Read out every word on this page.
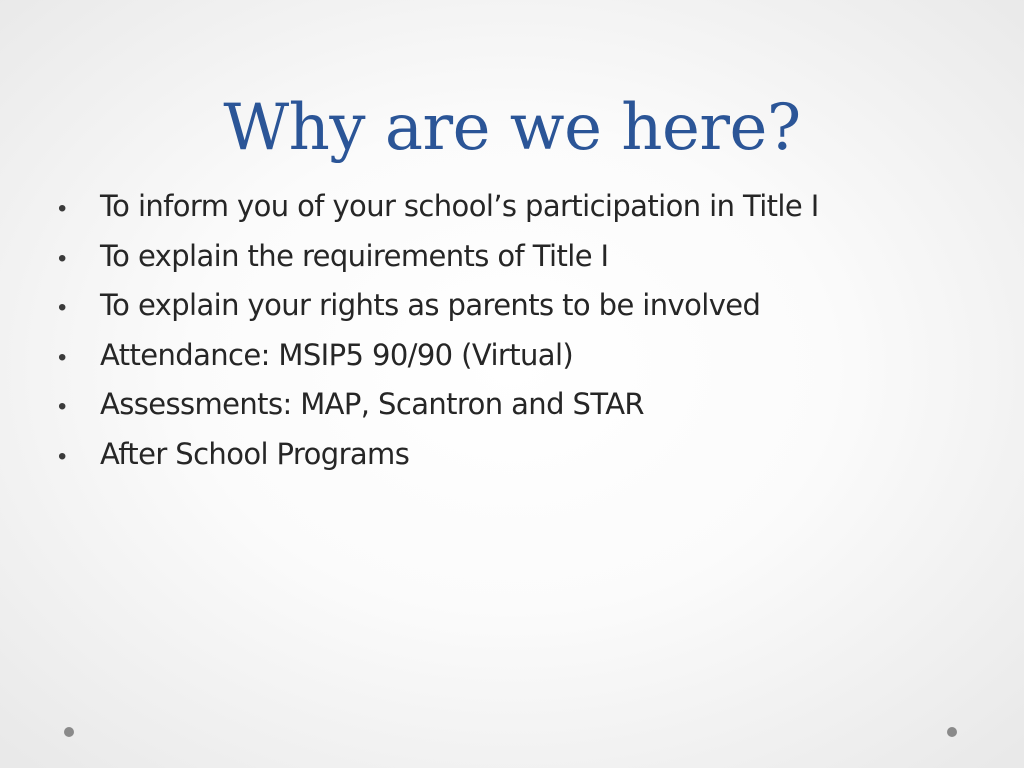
Why are we here?
•	To inform you of your school’s participation in Title I
•	To explain the requirements of Title I
•	To explain your rights as parents to be involved
•	Attendance: MSIP5 90/90 (Virtual)
•	Assessments: MAP, Scantron and STAR
•	After School Programs
